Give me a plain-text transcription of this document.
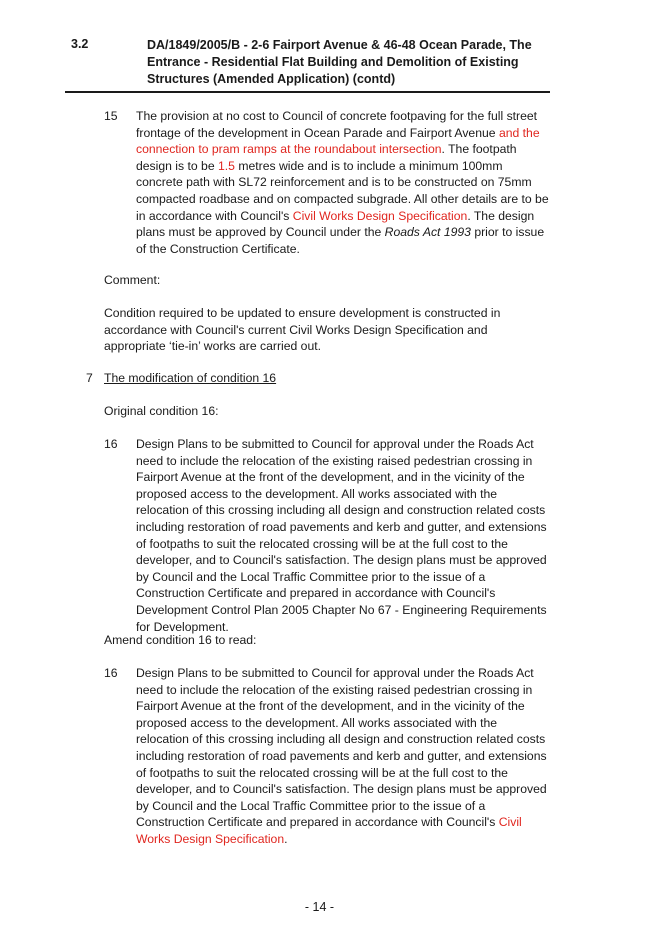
3.2	DA/1849/2005/B - 2-6 Fairport Avenue & 46-48 Ocean Parade, The Entrance - Residential Flat Building and Demolition of Existing Structures (Amended Application) (contd)
15 The provision at no cost to Council of concrete footpaving for the full street frontage of the development in Ocean Parade and Fairport Avenue and the connection to pram ramps at the roundabout intersection. The footpath design is to be 1.5 metres wide and is to include a minimum 100mm concrete path with SL72 reinforcement and is to be constructed on 75mm compacted roadbase and on compacted subgrade. All other details are to be in accordance with Council's Civil Works Design Specification. The design plans must be approved by Council under the Roads Act 1993 prior to issue of the Construction Certificate.
Comment:
Condition required to be updated to ensure development is constructed in accordance with Council's current Civil Works Design Specification and appropriate ‘tie-in’ works are carried out.
7 The modification of condition 16
Original condition 16:
16 Design Plans to be submitted to Council for approval under the Roads Act need to include the relocation of the existing raised pedestrian crossing in Fairport Avenue at the front of the development, and in the vicinity of the proposed access to the development. All works associated with the relocation of this crossing including all design and construction related costs including restoration of road pavements and kerb and gutter, and extensions of footpaths to suit the relocated crossing will be at the full cost to the developer, and to Council's satisfaction. The design plans must be approved by Council and the Local Traffic Committee prior to the issue of a Construction Certificate and prepared in accordance with Council's Development Control Plan 2005 Chapter No 67 - Engineering Requirements for Development.
Amend condition 16 to read:
16 Design Plans to be submitted to Council for approval under the Roads Act need to include the relocation of the existing raised pedestrian crossing in Fairport Avenue at the front of the development, and in the vicinity of the proposed access to the development. All works associated with the relocation of this crossing including all design and construction related costs including restoration of road pavements and kerb and gutter, and extensions of footpaths to suit the relocated crossing will be at the full cost to the developer, and to Council's satisfaction. The design plans must be approved by Council and the Local Traffic Committee prior to the issue of a Construction Certificate and prepared in accordance with Council's Civil Works Design Specification.
- 14 -
